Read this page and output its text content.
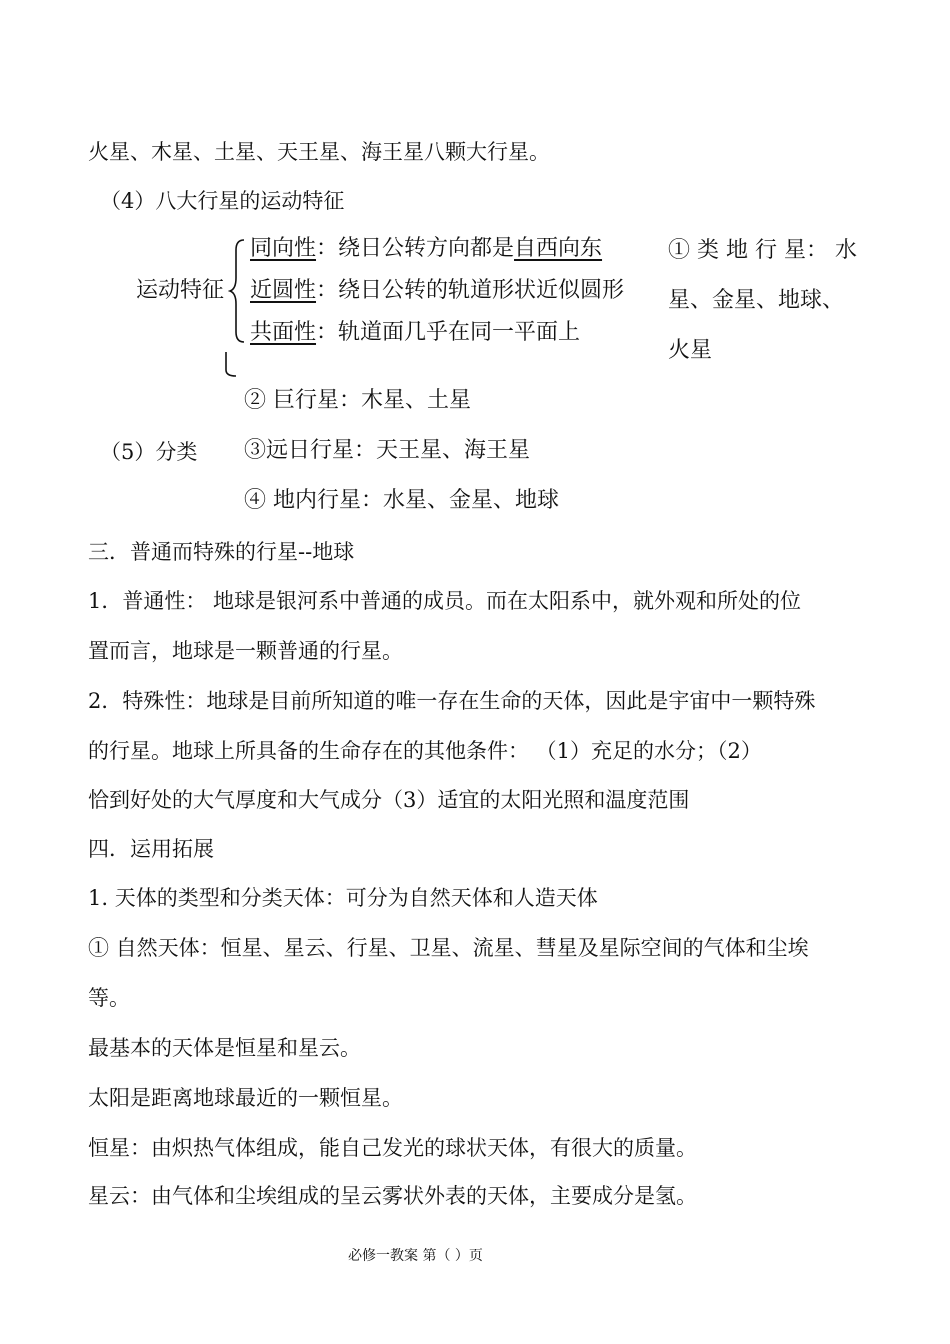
火星、木星、土星、天王星、海王星八颗大行星。
（4）八大行星的运动特征
运动特征
同向性：绕日公转方向都是自西向东
近圆性：绕日公转的轨道形状近似圆形
共面性：轨道面几乎在同一平面上
① 类 地 行 星： 水
星、金星、地球、
火星
② 巨行星：木星、土星
（5）分类 ③远日行星：天王星、海王星
④ 地内行星：水星、金星、地球
三．普通而特殊的行星--地球
1．普通性： 地球是银河系中普通的成员。而在太阳系中，就外观和所处的位
置而言，地球是一颗普通的行星。
2．特殊性：地球是目前所知道的唯一存在生命的天体，因此是宇宙中一颗特殊
的行星。地球上所具备的生命存在的其他条件： （1）充足的水分；（2）
恰到好处的大气厚度和大气成分（3）适宜的太阳光照和温度范围
四．运用拓展
1. 天体的类型和分类天体：可分为自然天体和人造天体
① 自然天体：恒星、星云、行星、卫星、流星、彗星及星际空间的气体和尘埃
等。
最基本的天体是恒星和星云。
太阳是距离地球最近的一颗恒星。
恒星：由炽热气体组成，能自己发光的球状天体，有很大的质量。
星云：由气体和尘埃组成的呈云雾状外表的天体，主要成分是氢。
必修一教案 第（ ）页
